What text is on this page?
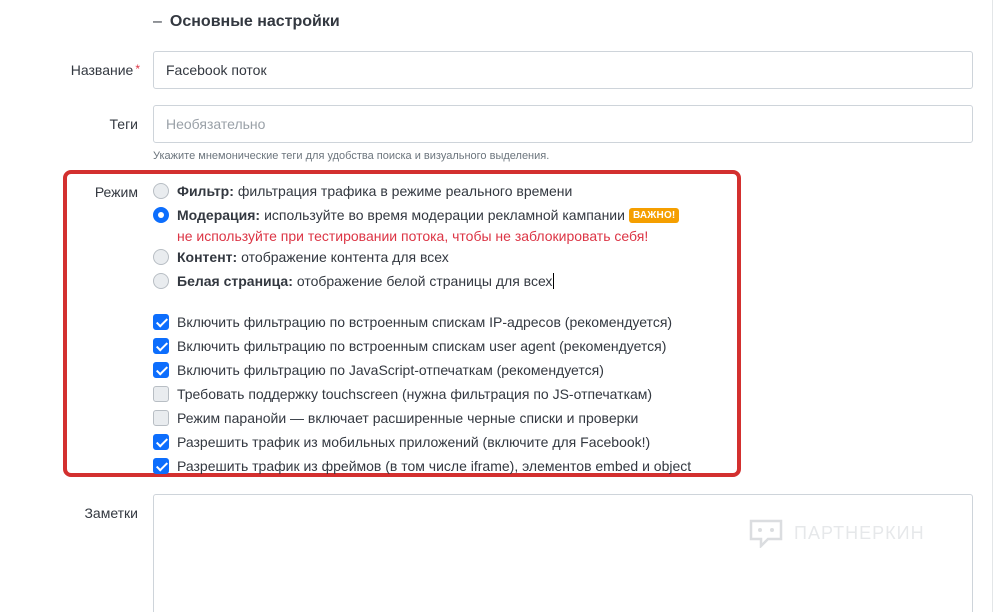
– Основные настройки
Название *
Facebook поток
Теги
Необязательно
Укажите мнемонические теги для удобства поиска и визуального выделения.
Режим	Фильтр: фильтрация трафика в режиме реального времени
Модерация: используйте во время модерации рекламной кампании ВАЖНО!
не используйте при тестировании потока, чтобы не заблокировать себя!
Контент: отображение контента для всех
Белая страница: отображение белой страницы для всех
Включить фильтрацию по встроенным спискам IP-адресов (рекомендуется)
Включить фильтрацию по встроенным спискам user agent (рекомендуется)
Включить фильтрацию по JavaScript-отпечаткам (рекомендуется)
Требовать поддержку touchscreen (нужна фильтрация по JS-отпечаткам)
Режим паранойи — включает расширенные черные списки и проверки
Разрешить трафик из мобильных приложений (включите для Facebook!)
Разрешить трафик из фреймов (в том числе iframe), элементов embed и object
Заметки
ПАРТНЕРКИН
